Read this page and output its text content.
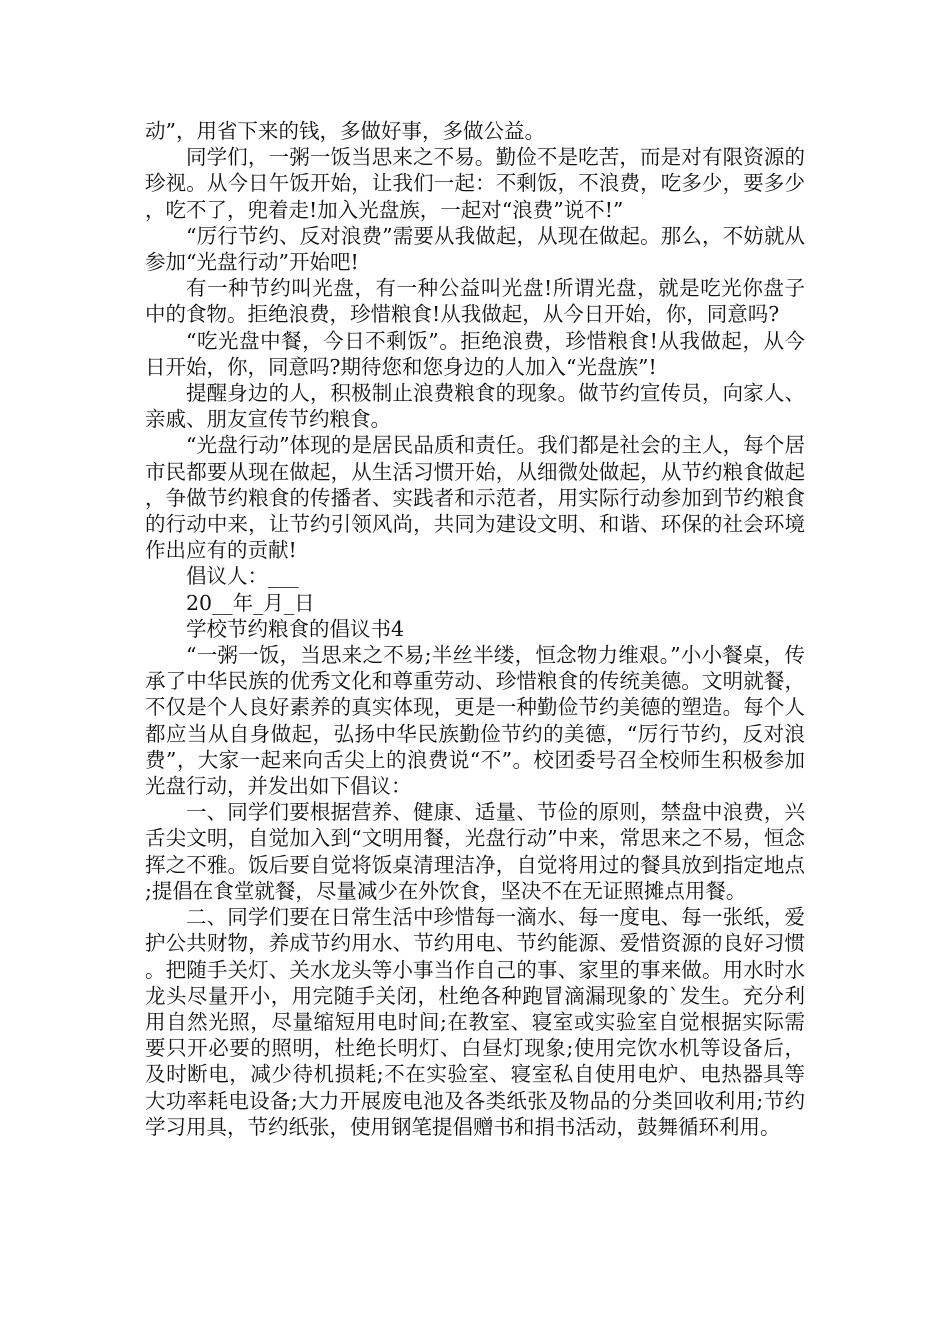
动”，用省下来的钱，多做好事，多做公益。

同学们，一粥一饭当思来之不易。勤俭不是吃苦，而是对有限资源的珍视。从今日午饭开始，让我们一起：不剩饭，不浪费，吃多少，要多少，吃不了，兜着走!加入光盘族，一起对“浪费”说不!”

“厉行节约、反对浪费”需要从我做起，从现在做起。那么，不妨就从参加“光盘行动”开始吧!

有一种节约叫光盘，有一种公益叫光盘!所谓光盘，就是吃光你盘子中的食物。拒绝浪费，珍惜粮食!从我做起，从今日开始，你，同意吗?

“吃光盘中餐，今日不剩饭”。拒绝浪费，珍惜粮食!从我做起，从今日开始，你，同意吗?期待您和您身边的人加入“光盘族”!

提醒身边的人，积极制止浪费粮食的现象。做节约宣传员，向家人、亲戚、朋友宣传节约粮食。

“光盘行动”体现的是居民品质和责任。我们都是社会的主人，每个居市民都要从现在做起，从生活习惯开始，从细微处做起，从节约粮食做起，争做节约粮食的传播者、实践者和示范者，用实际行动参加到节约粮食的行动中来，让节约引领风尚，共同为建设文明、和谐、环保的社会环境作出应有的贡献!

倡议人：___

20__年_月_日

学校节约粮食的倡议书4

“一粥一饭，当思来之不易;半丝半缕，恒念物力维艰。”小小餐桌，传承了中华民族的优秀文化和尊重劳动、珍惜粮食的传统美德。文明就餐，不仅是个人良好素养的真实体现，更是一种勤俭节约美德的塑造。每个人都应当从自身做起，弘扬中华民族勤俭节约的美德，“厉行节约，反对浪费”，大家一起来向舌尖上的浪费说“不”。校团委号召全校师生积极参加光盘行动，并发出如下倡议：

一、同学们要根据营养、健康、适量、节俭的原则，禁盘中浪费，兴舌尖文明，自觉加入到“文明用餐，光盘行动”中来，常思来之不易，恒念挥之不雅。饭后要自觉将饭桌清理洁净，自觉将用过的餐具放到指定地点;提倡在食堂就餐，尽量减少在外饮食，坚决不在无证照摊点用餐。

二、同学们要在日常生活中珍惜每一滴水、每一度电、每一张纸，爱护公共财物，养成节约用水、节约用电、节约能源、爱惜资源的良好习惯。把随手关灯、关水龙头等小事当作自己的事、家里的事来做。用水时水龙头尽量开小，用完随手关闭，杜绝各种跑冒滴漏现象的`发生。充分利用自然光照，尽量缩短用电时间;在教室、寝室或实验室自觉根据实际需要只开必要的照明，杜绝长明灯、白昼灯现象;使用完饮水机等设备后，及时断电，减少待机损耗;不在实验室、寝室私自使用电炉、电热器具等大功率耗电设备;大力开展废电池及各类纸张及物品的分类回收利用;节约学习用具，节约纸张，使用钢笔提倡赠书和捐书活动，鼓舞循环利用。
